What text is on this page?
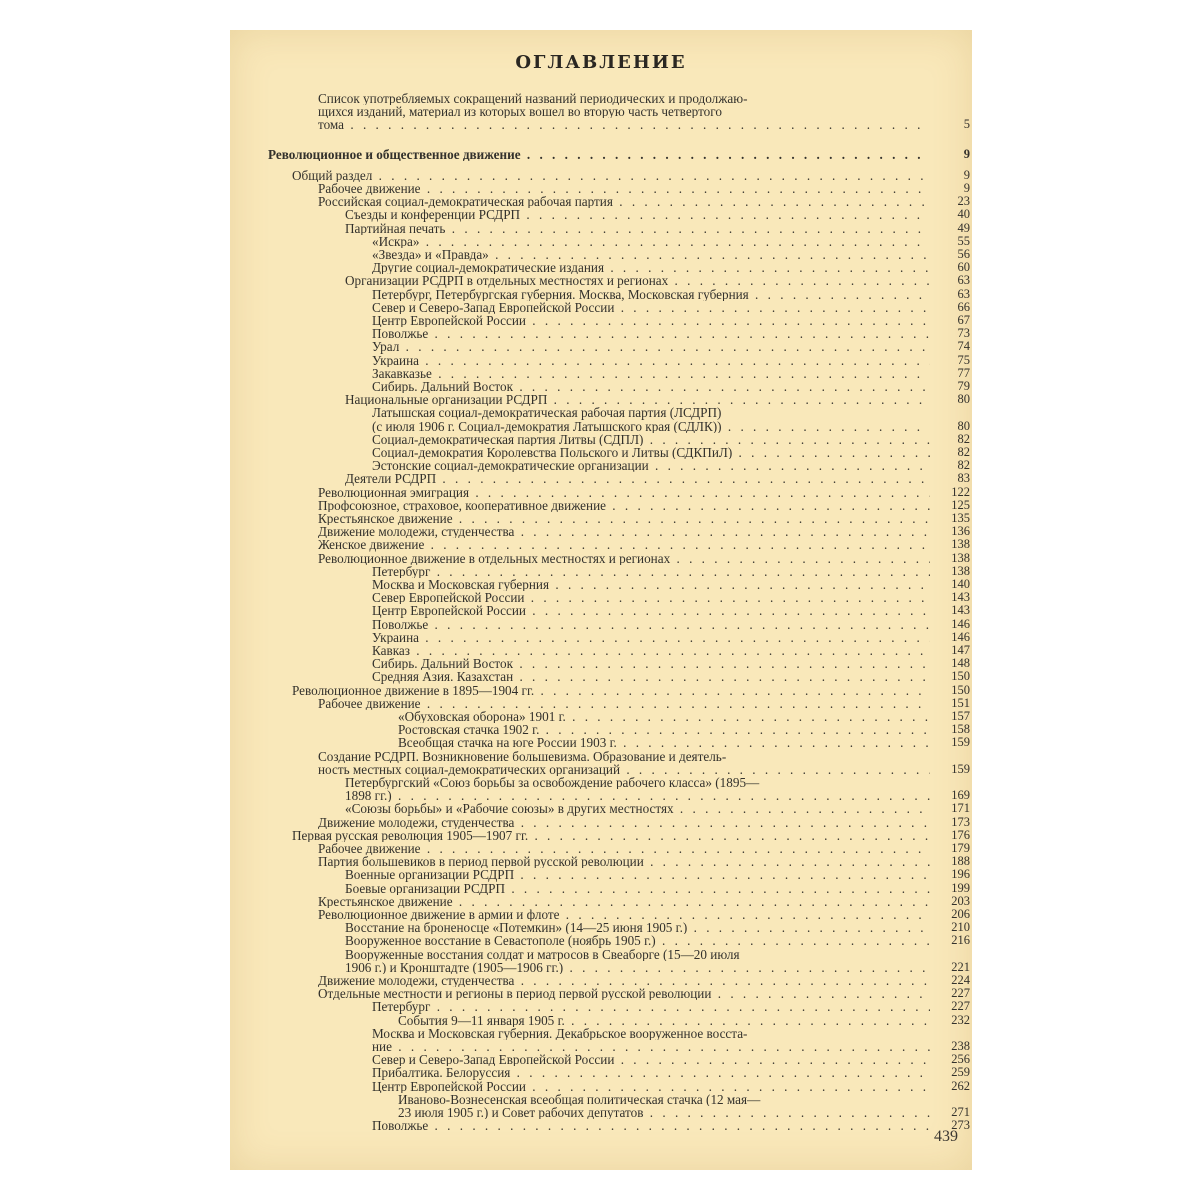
ОГЛАВЛЕНИЕ
Список употребляемых сокращений названий периодических и продолжаю-
щихся изданий, материал из которых вошел во вторую часть четвертого
тома . . .	5
Революционное и общественное движение . . .	9
Общий раздел . . .	9
Рабочее движение . . .	9
Российская социал-демократическая рабочая партия . . .	23
Съезды и конференции РСДРП . . .	40
Партийная печать . . .	49
«Искра» . . .	55
«Звезда» и «Правда» . . .	56
Другие социал-демократические издания . . .	60
Организации РСДРП в отдельных местностях и регионах . . .	63
Петербург, Петербургская губерния. Москва, Московская губерния . . .	63
Север и Северо-Запад Европейской России . . .	66
Центр Европейской России . . .	67
Поволжье . . .	73
Урал . . .	74
Украина . . .	75
Закавказье . . .	77
Сибирь. Дальний Восток . . .	79
Национальные организации РСДРП . . .	80
Латышская социал-демократическая рабочая партия (ЛСДРП)
(с июля 1906 г. Социал-демократия Латышского края (СДЛК)) . . .	80
Социал-демократическая партия Литвы (СДПЛ) . . .	82
Социал-демократия Королевства Польского и Литвы (СДКПиЛ) . . .	82
Эстонские социал-демократические организации . . .	82
Деятели РСДРП . . .	83
Революционная эмиграция . . .	122
Профсоюзное, страховое, кооперативное движение . . .	125
Крестьянское движение . . .	135
Движение молодежи, студенчества . . .	136
Женское движение . . .	138
Революционное движение в отдельных местностях и регионах . . .	138
Петербург . . .	138
Москва и Московская губерния . . .	140
Север Европейской России . . .	143
Центр Европейской России . . .	143
Поволжье . . .	146
Украина . . .	146
Кавказ . . .	147
Сибирь. Дальний Восток . . .	148
Средняя Азия. Казахстан . . .	150
Революционное движение в 1895—1904 гг. . . .	150
Рабочее движение . . .	151
«Обуховская оборона» 1901 г. . . .	157
Ростовская стачка 1902 г. . . .	158
Всеобщая стачка на юге России 1903 г. . . .	159
Создание РСДРП. Возникновение большевизма. Образование и деятель-
ность местных социал-демократических организаций . . .	159
Петербургский «Союз борьбы за освобождение рабочего класса» (1895—
1898 гг.) . . .	169
«Союзы борьбы» и «Рабочие союзы» в других местностях . . .	171
Движение молодежи, студенчества . . .	173
Первая русская революция 1905—1907 гг. . . .	176
Рабочее движение . . .	179
Партия большевиков в период первой русской революции . . .	188
Военные организации РСДРП . . .	196
Боевые организации РСДРП . . .	199
Крестьянское движение . . .	203
Революционное движение в армии и флоте . . .	206
Восстание на броненосце «Потемкин» (14—25 июня 1905 г.) . . .	210
Вооруженное восстание в Севастополе (ноябрь 1905 г.) . . .	216
Вооруженные восстания солдат и матросов в Свеаборге (15—20 июля
1906 г.) и Кронштадте (1905—1906 гг.) . . .	221
Движение молодежи, студенчества . . .	224
Отдельные местности и регионы в период первой русской революции . . .	227
Петербург . . .	227
События 9—11 января 1905 г. . . .	232
Москва и Московская губерния. Декабрьское вооруженное восста-
ние . . .	238
Север и Северо-Запад Европейской России . . .	256
Прибалтика. Белоруссия . . .	259
Центр Европейской России . . .	262
Иваново-Вознесенская всеобщая политическая стачка (12 мая—
23 июля 1905 г.) и Совет рабочих депутатов . . .	271
Поволжье . . .	273
439
